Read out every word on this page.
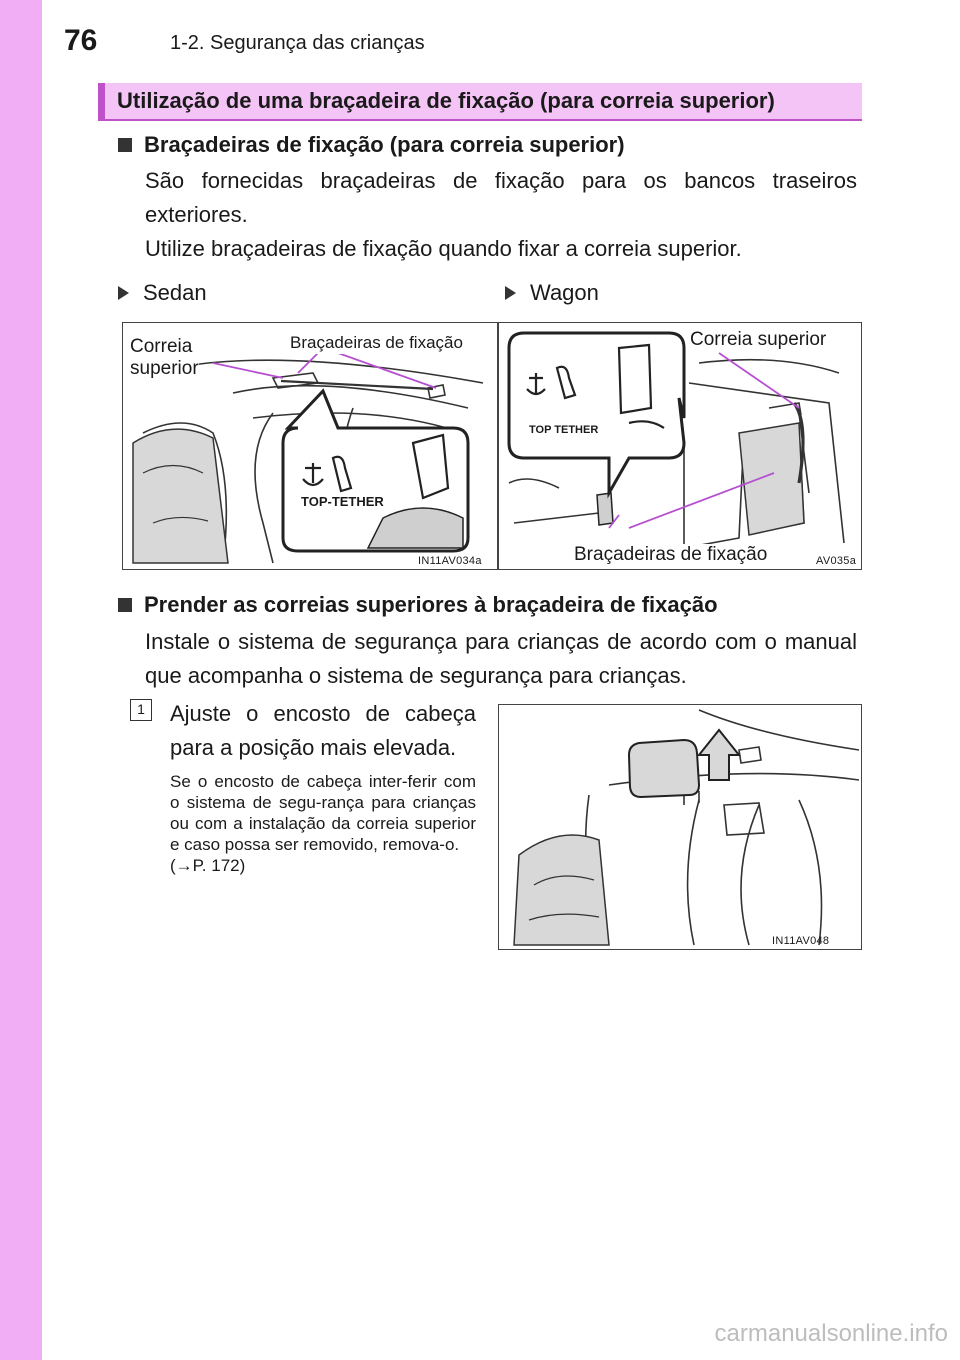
76	1-2. Segurança das crianças
Utilização de uma braçadeira de fixação (para correia superior)
Braçadeiras de fixação (para correia superior)
São fornecidas braçadeiras de fixação para os bancos traseiros exteriores.
Utilize braçadeiras de fixação quando fixar a correia superior.
Sedan	Wagon
Correia
superior
Braçadeiras de fixação
TOP-TETHER
IN11AV034a
Correia superior
Braçadeiras de fixação
TOP TETHER
AV035a
Prender as correias superiores à braçadeira de fixação
Instale o sistema de segurança para crianças de acordo com o manual que acompanha o sistema de segurança para crianças.
1	Ajuste o encosto de cabeça para a posição mais elevada.
Se o encosto de cabeça inter-ferir com o sistema de segu-rança para crianças ou com a instalação da correia superior e caso possa ser removido, remova-o.
(→P. 172)
IN11AV048
carmanualsonline.info
